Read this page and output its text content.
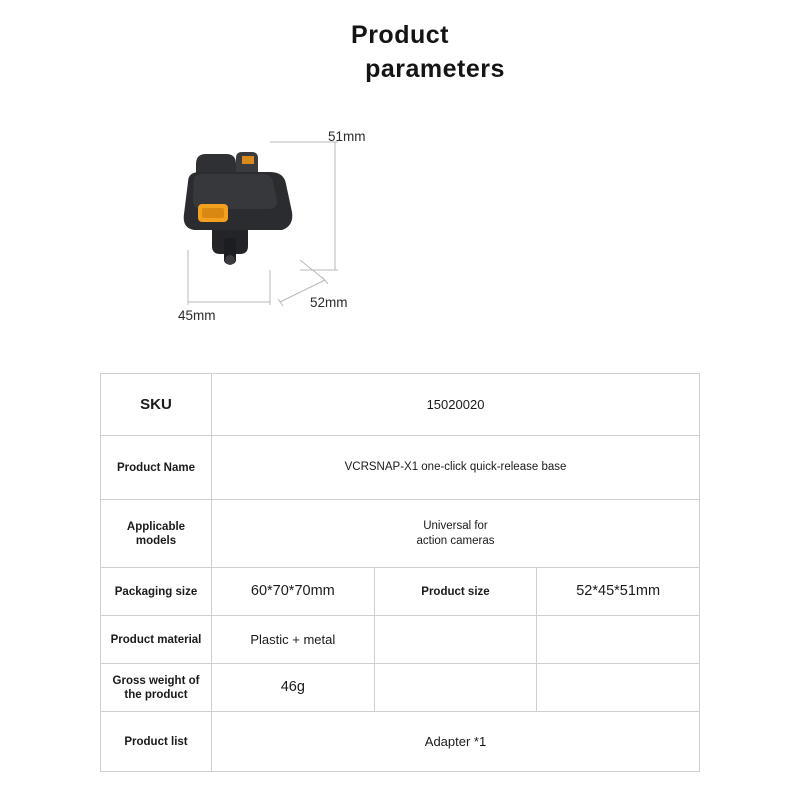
Product
parameters
51mm
45mm
52mm
SKU	15020020		
Product Name	VCRSNAP-X1 one-click quick-release base		

Applicable models	Universal for
action cameras		

Packaging size	60*70*70mm	Product size	52*45*51mm

Product material	Plastic + metal		
Gross weight of the product	46g		
Product list	Adapter *1		
